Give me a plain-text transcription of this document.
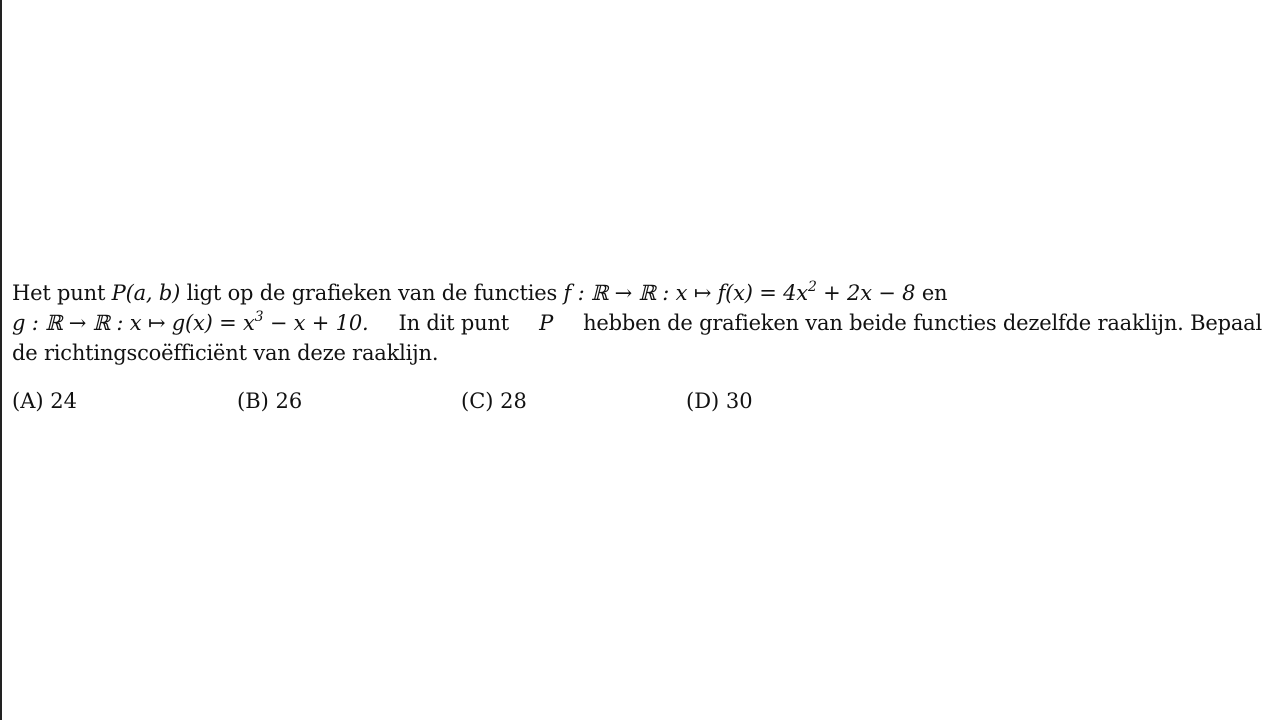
Het punt P(a, b) ligt op de grafieken van de functies f : ℝ → ℝ : x ↦ $f(x) = 4x^2 + 2x - 8$ en
g : ℝ → ℝ : x ↦ $g(x) = x^3 - x + 10$. In dit punt P hebben de grafieken van beide functies dezelfde raaklijn. Bepaal
de richtingscoëfficiënt van deze raaklijn.
(A) 24	(B) 26	(C) 28	(D) 30
